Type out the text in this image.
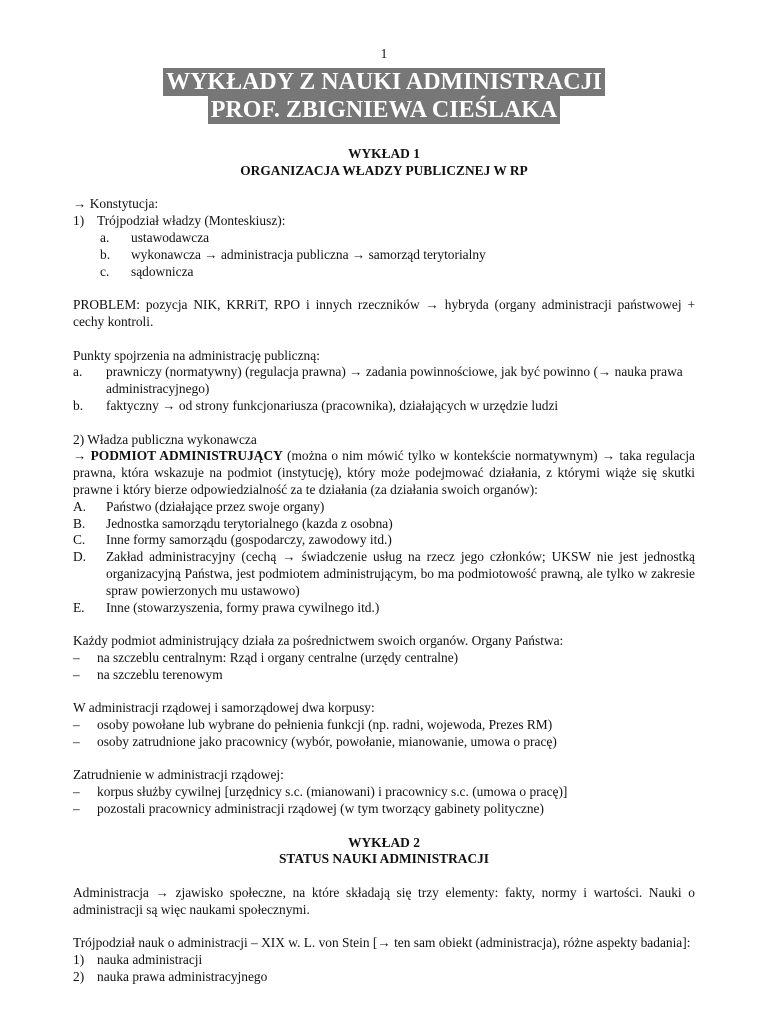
1
WYKŁADY Z NAUKI ADMINISTRACJI
PROF. ZBIGNIEWA CIEŚLAKA
WYKŁAD 1
ORGANIZACJA WŁADZY PUBLICZNEJ W RP
→ Konstytucja:
1) Trójpodział władzy (Monteskiusz):
a.	ustawodawcza
b.	wykonawcza → administracja publiczna → samorząd terytorialny
c.	sądownicza
PROBLEM: pozycja NIK, KRRiT, RPO i innych rzeczników → hybryda (organy administracji państwowej + cechy kontroli.
Punkty spojrzenia na administrację publiczną:
a.	prawniczy (normatywny) (regulacja prawna) → zadania powinnościowe, jak być powinno (→ nauka prawa administracyjnego)
b.	faktyczny → od strony funkcjonariusza (pracownika), działających w urzędzie ludzi
2) Władza publiczna wykonawcza
→ PODMIOT ADMINISTRUJĄCY (można o nim mówić tylko w kontekście normatywnym) → taka regulacja prawna, która wskazuje na podmiot (instytucję), który może podejmować działania, z którymi wiąże się skutki prawne i który bierze odpowiedzialność za te działania (za działania swoich organów):
A.	Państwo (działające przez swoje organy)
B.	Jednostka samorządu terytorialnego (kazda z osobna)
C.	Inne formy samorządu (gospodarczy, zawodowy itd.)
D.	Zakład administracyjny (cechą → świadczenie usług na rzecz jego członków; UKSW nie jest jednostką organizacyjną Państwa, jest podmiotem administrującym, bo ma podmiotowość prawną, ale tylko w zakresie spraw powierzonych mu ustawowo)
E.	Inne (stowarzyszenia, formy prawa cywilnego itd.)
Każdy podmiot administrujący działa za pośrednictwem swoich organów. Organy Państwa:
–	na szczeblu centralnym: Rząd i organy centralne (urzędy centralne)
–	na szczeblu terenowym
W administracji rządowej i samorządowej dwa korpusy:
–	osoby powołane lub wybrane do pełnienia funkcji (np. radni, wojewoda, Prezes RM)
–	osoby zatrudnione jako pracownicy (wybór, powołanie, mianowanie, umowa o pracę)
Zatrudnienie w administracji rządowej:
–	korpus służby cywilnej [urzędnicy s.c. (mianowani) i pracownicy s.c. (umowa o pracę)]
–	pozostali pracownicy administracji rządowej (w tym tworzący gabinety polityczne)
WYKŁAD 2
STATUS NAUKI ADMINISTRACJI
Administracja → zjawisko społeczne, na które składają się trzy elementy: fakty, normy i wartości. Nauki o administracji są więc naukami społecznymi.
Trójpodział nauk o administracji – XIX w. L. von Stein [→ ten sam obiekt (administracja), różne aspekty badania]:
1) nauka administracji
2) nauka prawa administracyjnego
